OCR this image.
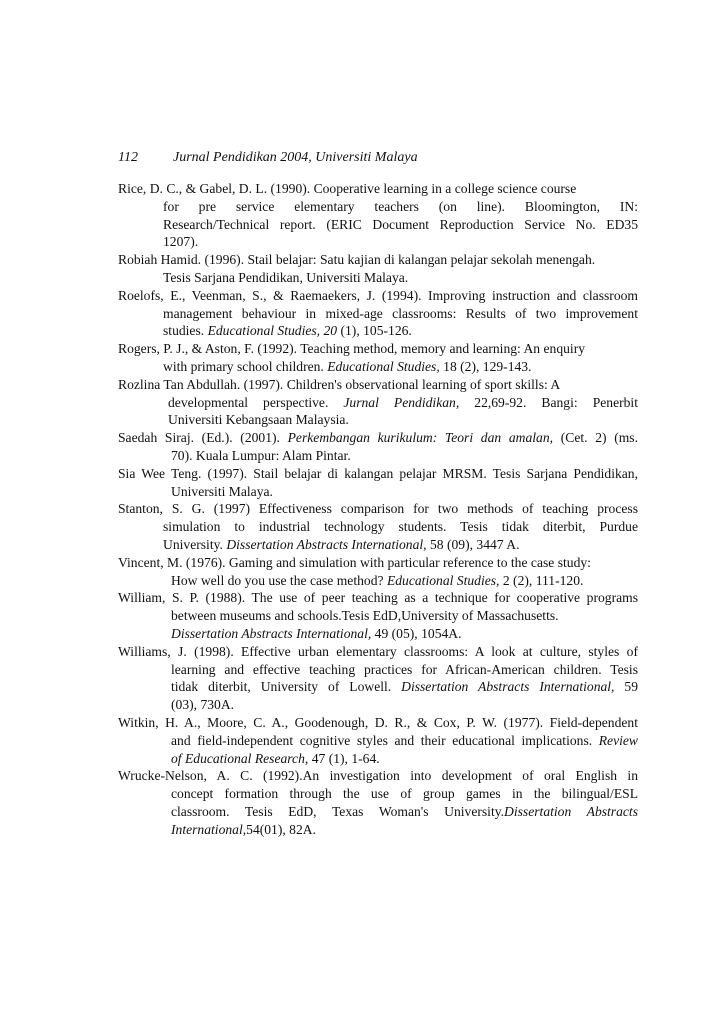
112	Jurnal Pendidikan 2004, Universiti Malaya
Rice, D. C., & Gabel, D. L. (1990). Cooperative learning in a college science course
for pre service elementary teachers (on line). Bloomington, IN:
Research/Technical report. (ERIC Document Reproduction Service No. ED35
1207).
Robiah Hamid. (1996). Stail belajar: Satu kajian di kalangan pelajar sekolah menengah.
Tesis Sarjana Pendidikan, Universiti Malaya.
Roelofs, E., Veenman, S., & Raemaekers, J. (1994). Improving instruction and classroom
management behaviour in mixed-age classrooms: Results of two improvement
studies. Educational Studies, 20 (1), 105-126.
Rogers, P. J., & Aston, F. (1992). Teaching method, memory and learning: An enquiry
with primary school children. Educational Studies, 18 (2), 129-143.
Rozlina Tan Abdullah. (1997). Children's observational learning of sport skills: A
developmental perspective. Jurnal Pendidikan, 22,69-92. Bangi: Penerbit
Universiti Kebangsaan Malaysia.
Saedah Siraj. (Ed.). (2001). Perkembangan kurikulum: Teori dan amalan, (Cet. 2) (ms.
70). Kuala Lumpur: Alam Pintar.
Sia Wee Teng. (1997). Stail belajar di kalangan pelajar MRSM. Tesis Sarjana Pendidikan,
Universiti Malaya.
Stanton, S. G. (1997) Effectiveness comparison for two methods of teaching process
simulation to industrial technology students. Tesis tidak diterbit, Purdue
University. Dissertation Abstracts International, 58 (09), 3447 A.
Vincent, M. (1976). Gaming and simulation with particular reference to the case study:
How well do you use the case method? Educational Studies, 2 (2), 111-120.
William, S. P. (1988). The use of peer teaching as a technique for cooperative programs
between museums and schools.Tesis EdD,University of Massachusetts.
Dissertation Abstracts International, 49 (05), 1054A.
Williams, J. (1998). Effective urban elementary classrooms: A look at culture, styles of
learning and effective teaching practices for African-American children. Tesis
tidak diterbit, University of Lowell. Dissertation Abstracts International, 59
(03), 730A.
Witkin, H. A., Moore, C. A., Goodenough, D. R., & Cox, P. W. (1977). Field-dependent
and field-independent cognitive styles and their educational implications. Review
of Educational Research, 47 (1), 1-64.
Wrucke-Nelson, A. C. (1992).An investigation into development of oral English in
concept formation through the use of group games in the bilingual/ESL
classroom. Tesis EdD, Texas Woman's University.Dissertation Abstracts
International,54(01), 82A.
